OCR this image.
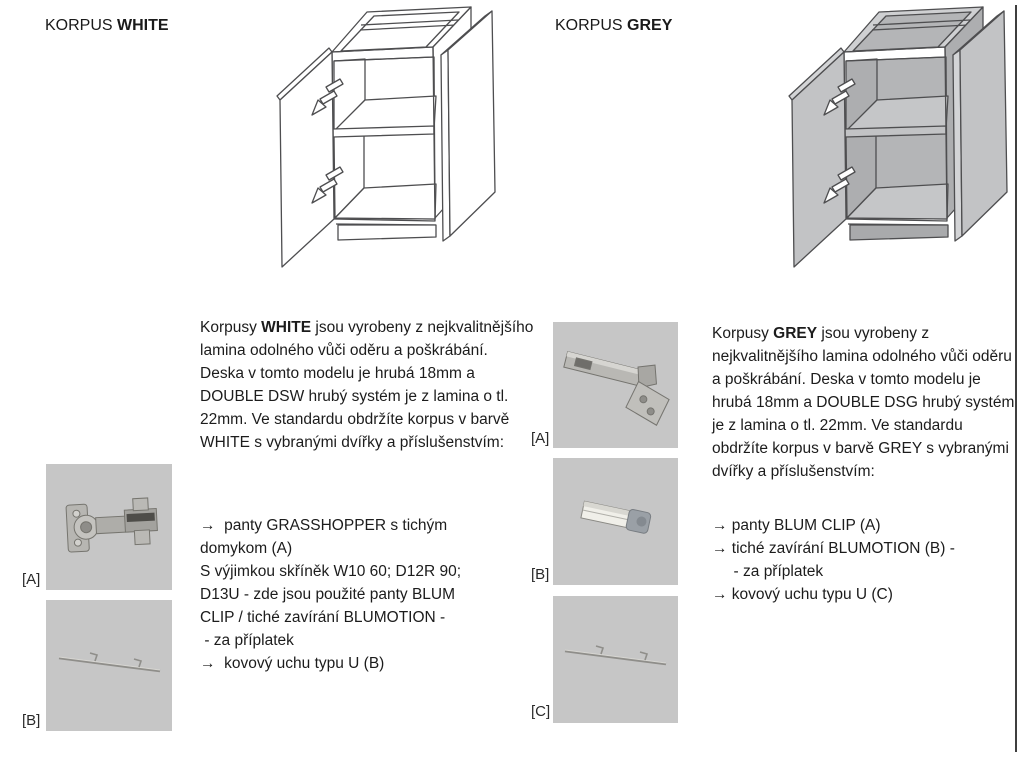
KORPUS WHITE

Korpusy WHITE jsou vyrobeny z nejkvalitnějšího lamina odolného vůči oděru a poškrábání. Deska v tomto modelu je hrubá 18mm a DOUBLE DSW hrubý systém je z lamina o tl. 22mm. Ve standardu obdržíte korpus v barvě WHITE s vybranými dvířky a příslušenstvím:

→  panty GRASSHOPPER s tichým
domykom (A)
S výjimkou skříněk W10 60; D12R 90;
D13U - zde jsou použité panty BLUM
CLIP / tiché zavírání BLUMOTION -
- za příplatek
→  kovový uchu typu U (B)
[A]
[B]
KORPUS GREY
[A]
[B]
[C]

Korpusy GREY jsou vyrobeny z nejkvalitnějšího lamina odolného vůči oděru a poškrábání. Deska v tomto modelu je hrubá 18mm a DOUBLE DSG hrubý systém je z lamina o tl. 22mm. Ve standardu obdržíte korpus v barvě GREY s vybranými dvířky a příslušenstvím:

→ panty BLUM CLIP (A)
→ tiché zavírání BLUMOTION (B) -
- za příplatek
→ kovový uchu typu U (C)
